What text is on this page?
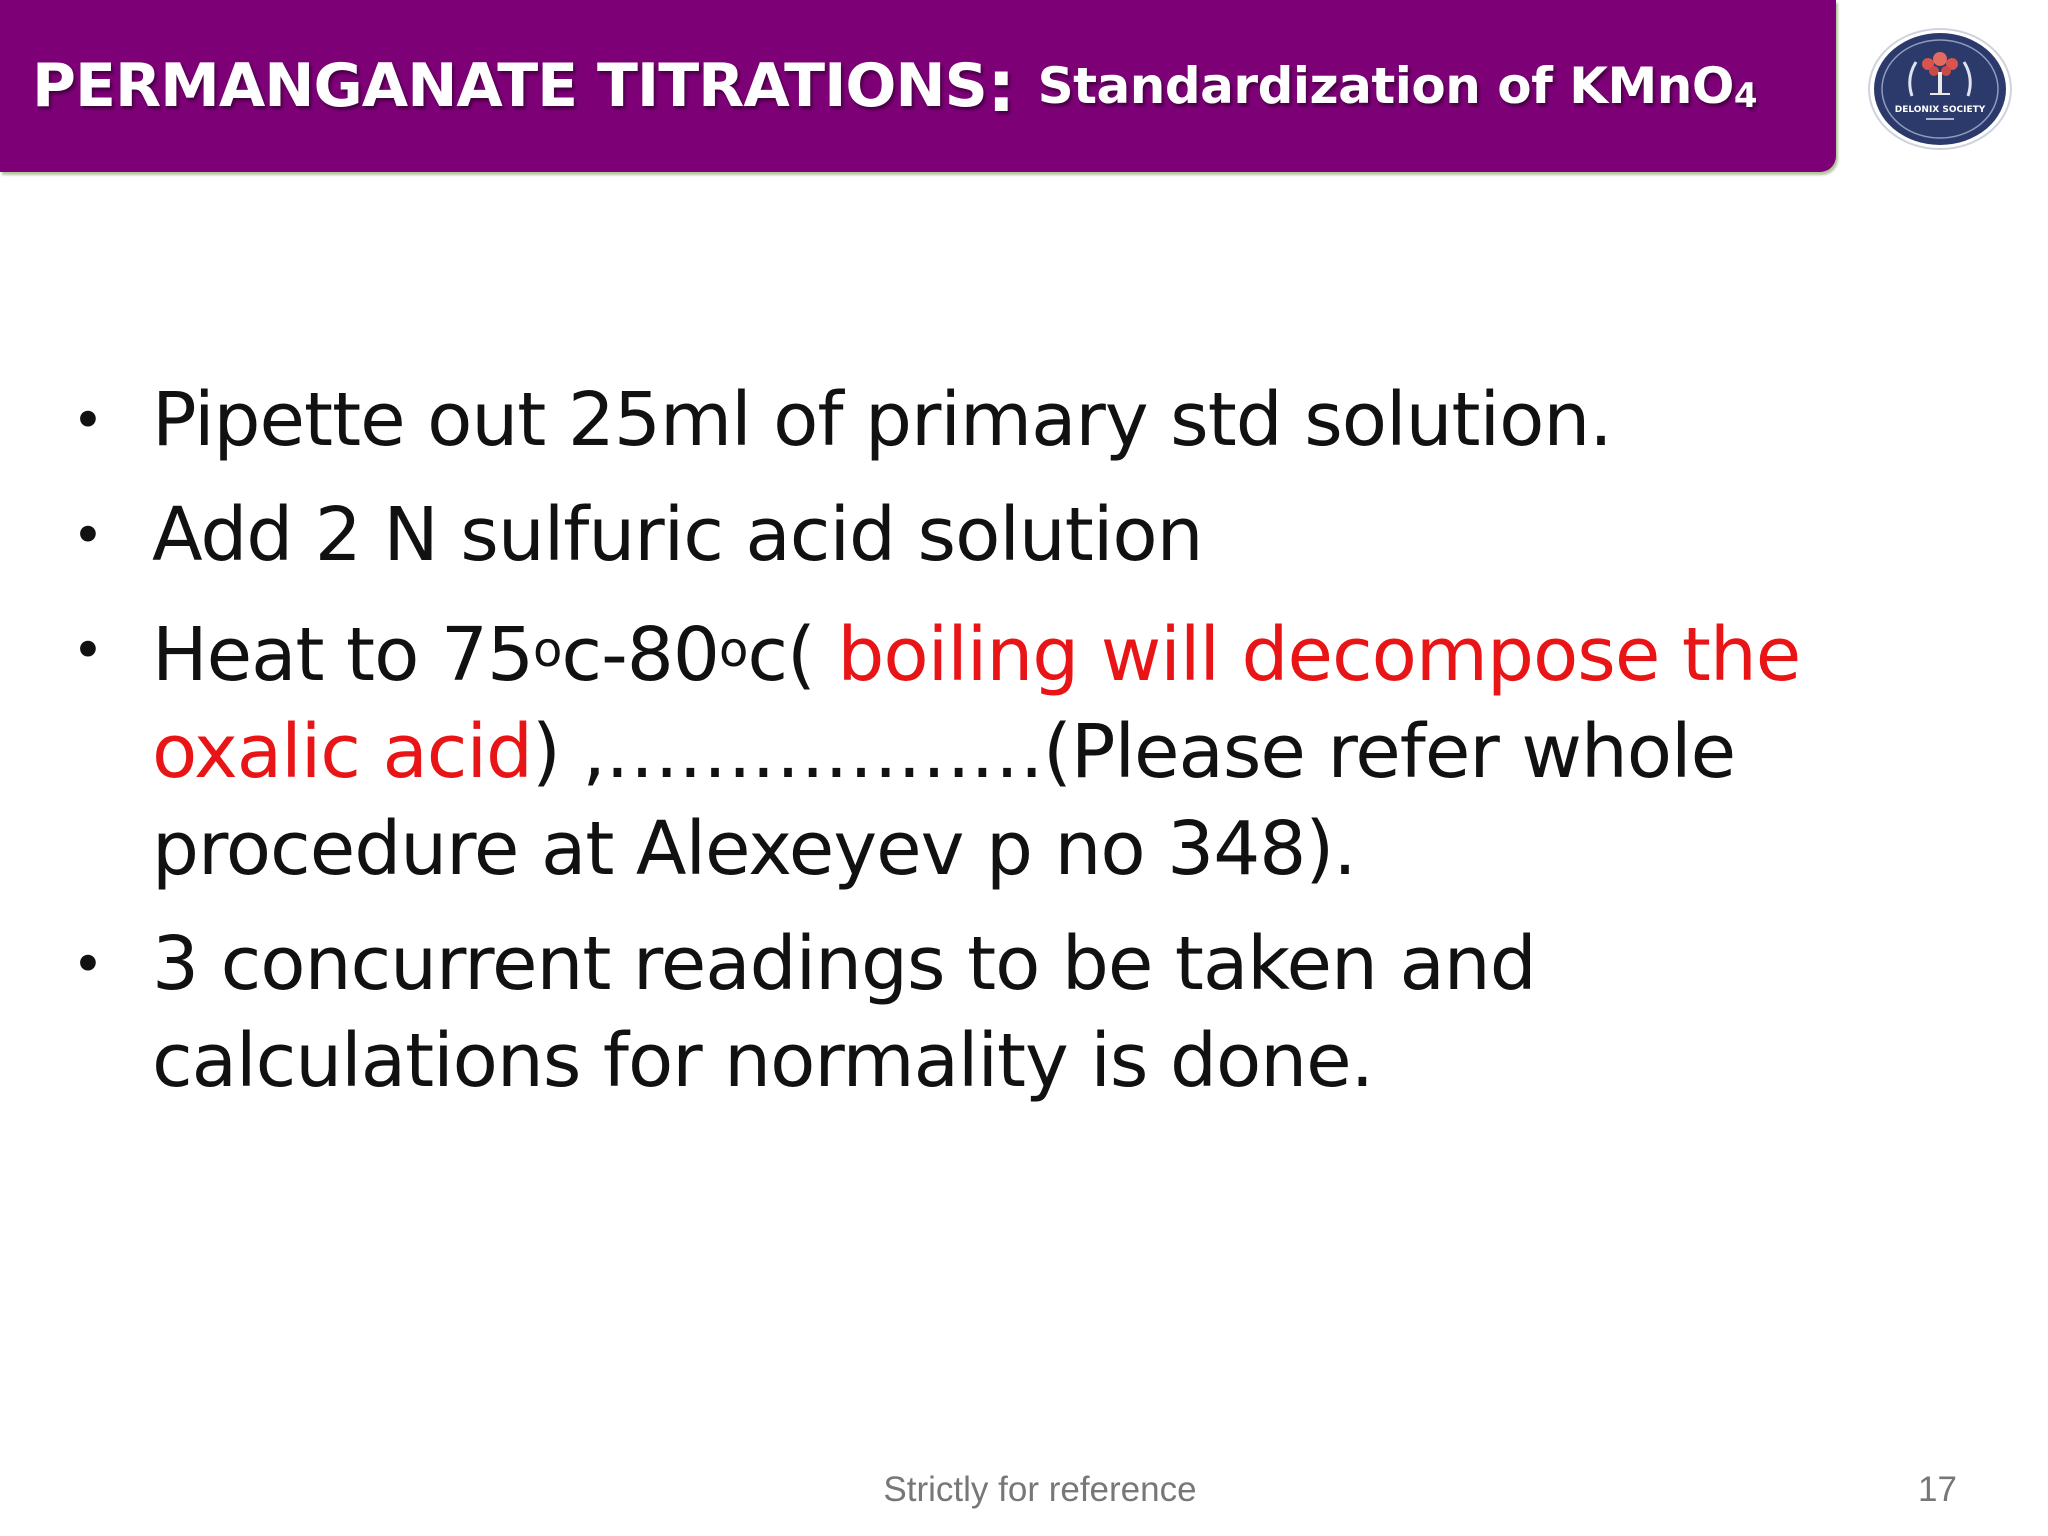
PERMANGANATE TITRATIONS : Standardization of KMnO4	DELONIX SOCIETY
• Pipette out 25ml of primary std solution.
• Add 2 N sulfuric acid solution
• Heat to 75$^o$c-80$^o$c( boiling will decompose the oxalic acid) ,………………(Please refer whole procedure at Alexeyev p no 348).
• 3 concurrent readings to be taken and calculations for normality is done.
Strictly for reference	17
